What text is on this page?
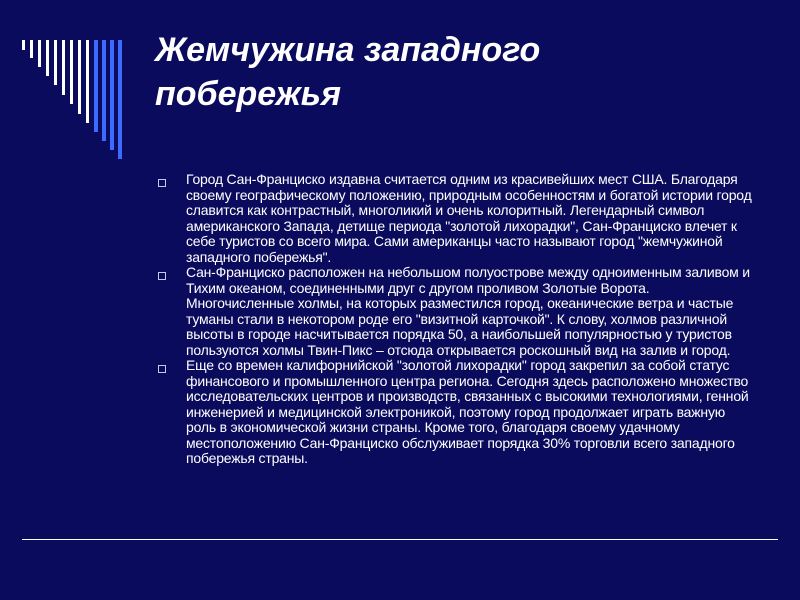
Жемчужина западного
побережья
Город Сан-Франциско издавна считается одним из красивейших мест США. Благодаря своему географическому положению, природным особенностям и богатой истории город славится как контрастный, многоликий и очень колоритный. Легендарный символ американского Запада, детище периода "золотой лихорадки", Сан-Франциско влечет к себе туристов со всего мира. Сами американцы часто называют город "жемчужиной западного побережья".
Сан-Франциско расположен на небольшом полуострове между одноименным заливом и Тихим океаном, соединенными друг с другом проливом Золотые Ворота. Многочисленные холмы, на которых разместился город, океанические ветра и частые туманы стали в некотором роде его "визитной карточкой". К слову, холмов различной высоты в городе насчитывается порядка 50, а наибольшей популярностью у туристов пользуются холмы Твин-Пикс – отсюда открывается роскошный вид на залив и город.
Еще со времен калифорнийской "золотой лихорадки" город закрепил за собой статус финансового и промышленного центра региона. Сегодня здесь расположено множество исследовательских центров и производств, связанных с высокими технологиями, генной инженерией и медицинской электроникой, поэтому город продолжает играть важную роль в экономической жизни страны. Кроме того, благодаря своему удачному местоположению Сан-Франциско обслуживает порядка 30% торговли всего западного побережья страны.
